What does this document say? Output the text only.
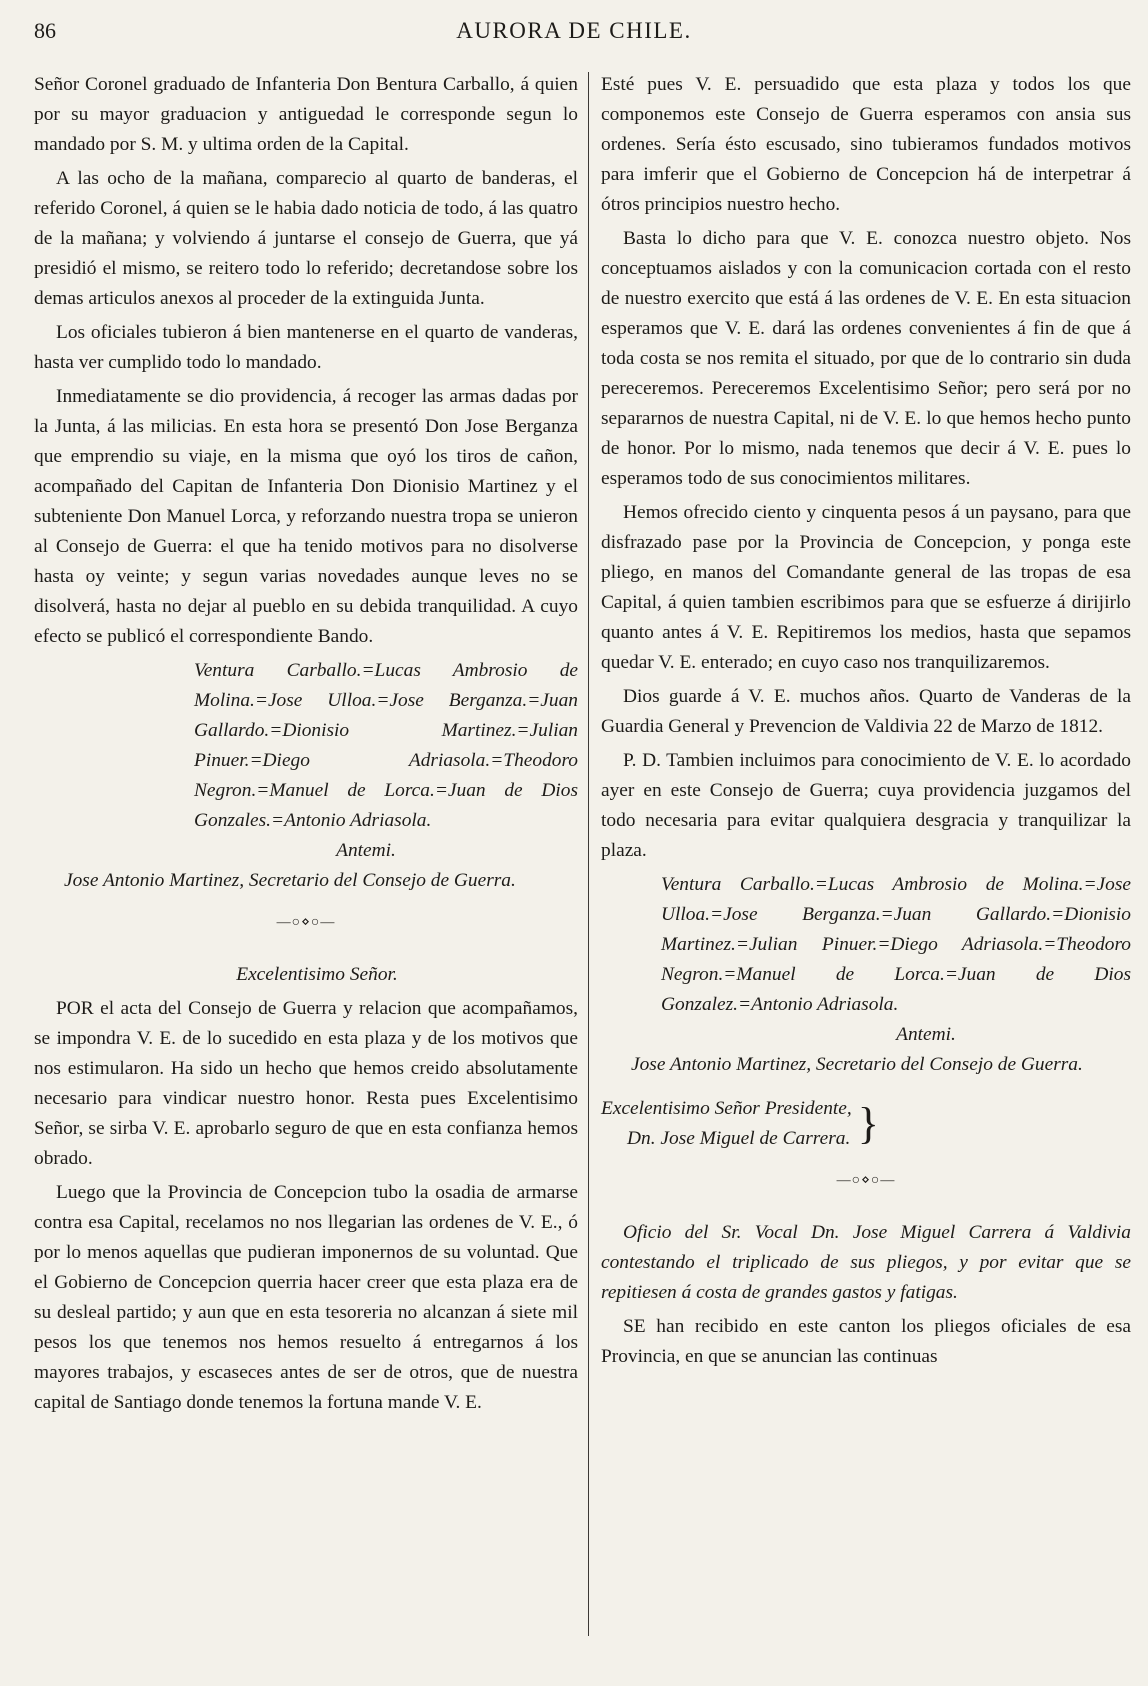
86	AURORA DE CHILE.

Señor Coronel graduado de Infanteria Don Bentura Carballo, á quien por su mayor graduacion y antiguedad le corresponde segun lo mandado por S. M. y ultima orden de la Capital.

A las ocho de la mañana, comparecio al quarto de banderas, el referido Coronel, á quien se le habia dado noticia de todo, á las quatro de la mañana; y volviendo á juntarse el consejo de Guerra, que yá presidió el mismo, se reitero todo lo referido; decretandose sobre los demas articulos anexos al proceder de la extinguida Junta.

Los oficiales tubieron á bien mantenerse en el quarto de vanderas, hasta ver cumplido todo lo mandado.

Inmediatamente se dio providencia, á recoger las armas dadas por la Junta, á las milicias. En esta hora se presentó Don Jose Berganza que emprendio su viaje, en la misma que oyó los tiros de cañon, acompañado del Capitan de Infanteria Don Dionisio Martinez y el subteniente Don Manuel Lorca, y reforzando nuestra tropa se unieron al Consejo de Guerra: el que ha tenido motivos para no disolverse hasta oy veinte; y segun varias novedades aunque leves no se disolverá, hasta no dejar al pueblo en su debida tranquilidad. A cuyo efecto se publicó el correspondiente Bando.

Ventura Carballo.=Lucas Ambrosio de Molina.=Jose Ulloa.=Jose Berganza.=Juan Gallardo.=Dionisio Martinez.=Julian Pinuer.=Diego Adriasola.=Theodoro Negron.=Manuel de Lorca.=Juan de Dios Gonzales.=Antonio Adriasola.

Antemi.

Jose Antonio Martinez, Secretario del Consejo de Guerra.

—○⋄○—

Excelentisimo Señor.

POR el acta del Consejo de Guerra y relacion que acompañamos, se impondra V. E. de lo sucedido en esta plaza y de los motivos que nos estimularon. Ha sido un hecho que hemos creido absolutamente necesario para vindicar nuestro honor. Resta pues Excelentisimo Señor, se sirba V. E. aprobarlo seguro de que en esta confianza hemos obrado.

Luego que la Provincia de Concepcion tubo la osadia de armarse contra esa Capital, recelamos no nos llegarian las ordenes de V. E., ó por lo menos aquellas que pudieran imponernos de su voluntad. Que el Gobierno de Concepcion querria hacer creer que esta plaza era de su desleal partido; y aun que en esta tesoreria no alcanzan á siete mil pesos los que tenemos nos hemos resuelto á entregarnos á los mayores trabajos, y escaseces antes de ser de otros, que de nuestra capital de Santiago donde tenemos la fortuna mande V. E.

Esté pues V. E. persuadido que esta plaza y todos los que componemos este Consejo de Guerra esperamos con ansia sus ordenes. Sería ésto escusado, sino tubieramos fundados motivos para imferir que el Gobierno de Concepcion há de interpetrar á ótros principios nuestro hecho.

Basta lo dicho para que V. E. conozca nuestro objeto. Nos conceptuamos aislados y con la comunicacion cortada con el resto de nuestro exercito que está á las ordenes de V. E. En esta situacion esperamos que V. E. dará las ordenes convenientes á fin de que á toda costa se nos remita el situado, por que de lo contrario sin duda pereceremos. Pereceremos Excelentisimo Señor; pero será por no separarnos de nuestra Capital, ni de V. E. lo que hemos hecho punto de honor. Por lo mismo, nada tenemos que decir á V. E. pues lo esperamos todo de sus conocimientos militares.

Hemos ofrecido ciento y cinquenta pesos á un paysano, para que disfrazado pase por la Provincia de Concepcion, y ponga este pliego, en manos del Comandante general de las tropas de esa Capital, á quien tambien escribimos para que se esfuerze á dirijirlo quanto antes á V. E. Repitiremos los medios, hasta que sepamos quedar V. E. enterado; en cuyo caso nos tranquilizaremos.

Dios guarde á V. E. muchos años. Quarto de Vanderas de la Guardia General y Prevencion de Valdivia 22 de Marzo de 1812.

P. D. Tambien incluimos para conocimiento de V. E. lo acordado ayer en este Consejo de Guerra; cuya providencia juzgamos del todo necesaria para evitar qualquiera desgracia y tranquilizar la plaza.

Ventura Carballo.=Lucas Ambrosio de Molina.=Jose Ulloa.=Jose Berganza.=Juan Gallardo.=Dionisio Martinez.=Julian Pinuer.=Diego Adriasola.=Theodoro Negron.=Manuel de Lorca.=Juan de Dios Gonzalez.=Antonio Adriasola.

Antemi.

Jose Antonio Martinez, Secretario del Consejo de Guerra.

Excelentisimo Señor Presidente,

Dn. Jose Miguel de Carrera. }
—○⋄○—

Oficio del Sr. Vocal Dn. Jose Miguel Carrera á Valdivia contestando el triplicado de sus pliegos, y por evitar que se repitiesen á costa de grandes gastos y fatigas.

SE han recibido en este canton los pliegos oficiales de esa Provincia, en que se anuncian las continuas
